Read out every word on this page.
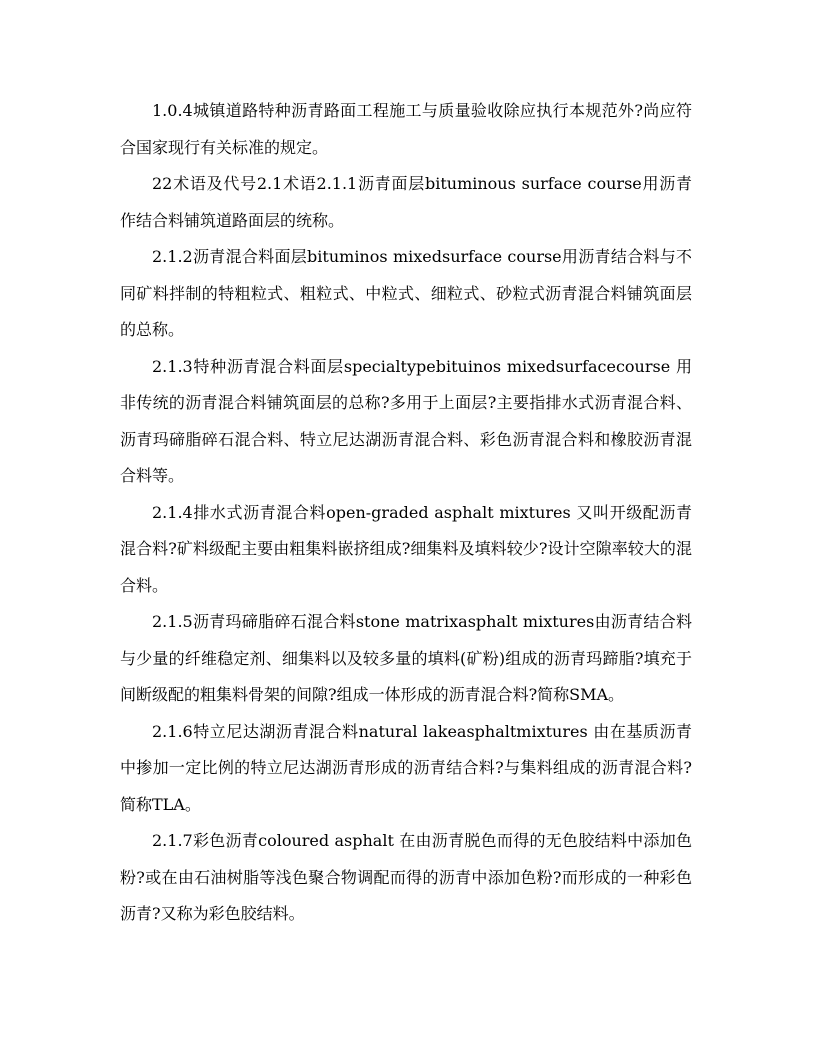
1.0.4城镇道路特种沥青路面工程施工与质量验收除应执行本规范外?尚应符合国家现行有关标准的规定。

22术语及代号2.1术语2.1.1沥青面层bituminous surface course用沥青作结合料铺筑道路面层的统称。

2.1.2沥青混合料面层bituminos mixedsurface course用沥青结合料与不同矿料拌制的特粗粒式、粗粒式、中粒式、细粒式、砂粒式沥青混合料铺筑面层的总称。

2.1.3特种沥青混合料面层specialtypebituinos mixedsurfacecourse 用非传统的沥青混合料铺筑面层的总称?多用于上面层?主要指排水式沥青混合料、沥青玛碲脂碎石混合料、特立尼达湖沥青混合料、彩色沥青混合料和橡胶沥青混合料等。

2.1.4排水式沥青混合料open-graded asphalt mixtures 又叫开级配沥青混合料?矿料级配主要由粗集料嵌挤组成?细集料及填料较少?设计空隙率较大的混合料。

2.1.5沥青玛碲脂碎石混合料stone matrixasphalt mixtures由沥青结合料与少量的纤维稳定剂、细集料以及较多量的填料(矿粉)组成的沥青玛蹄脂?填充于间断级配的粗集料骨架的间隙?组成一体形成的沥青混合料?简称SMA。

2.1.6特立尼达湖沥青混合料natural lakeasphaltmixtures 由在基质沥青中掺加一定比例的特立尼达湖沥青形成的沥青结合料?与集料组成的沥青混合料?简称TLA。

2.1.7彩色沥青coloured asphalt 在由沥青脱色而得的无色胶结料中添加色粉?或在由石油树脂等浅色聚合物调配而得的沥青中添加色粉?而形成的一种彩色沥青?又称为彩色胶结料。
